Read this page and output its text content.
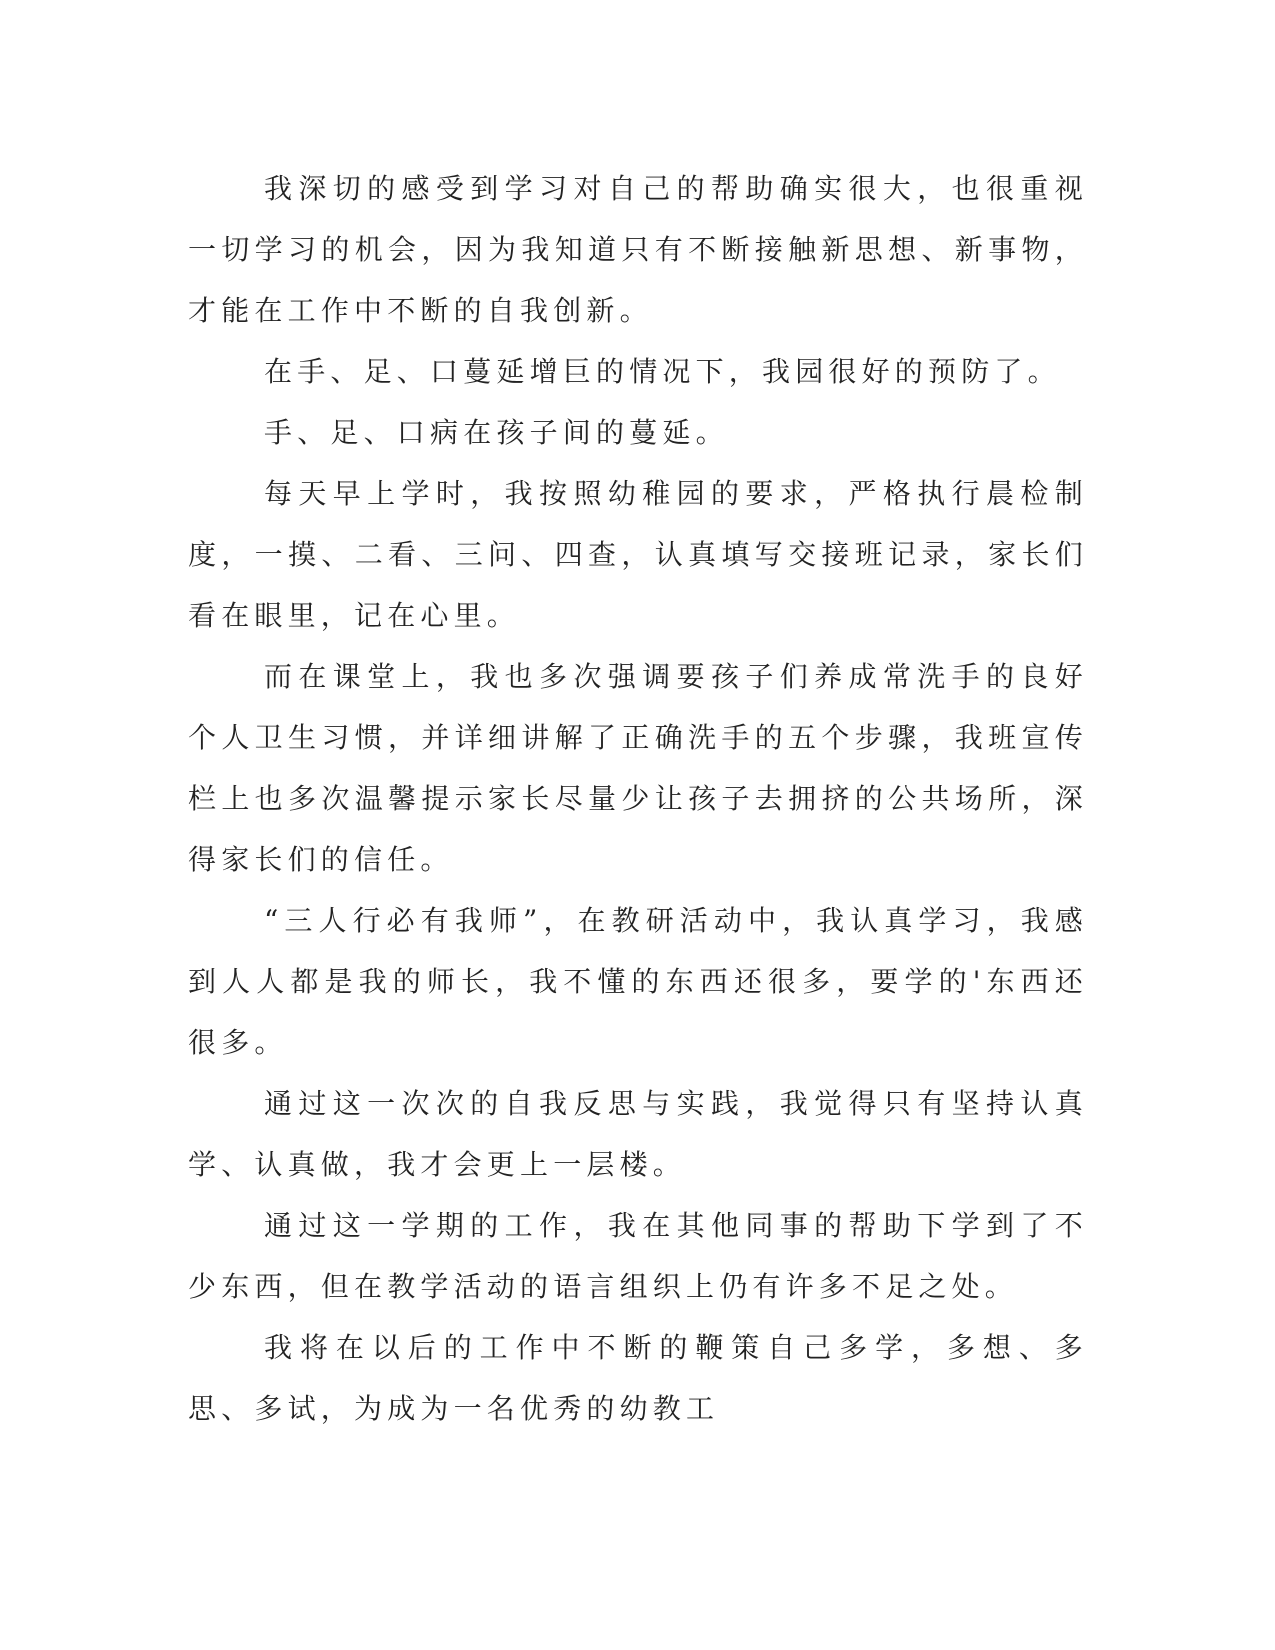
我深切的感受到学习对自己的帮助确实很大，也很重视一切学习的机会，因为我知道只有不断接触新思想、新事物，才能在工作中不断的自我创新。

在手、足、口蔓延增巨的情况下，我园很好的预防了。

手、足、口病在孩子间的蔓延。

每天早上学时，我按照幼稚园的要求，严格执行晨检制度，一摸、二看、三问、四查，认真填写交接班记录，家长们看在眼里，记在心里。

而在课堂上，我也多次强调要孩子们养成常洗手的良好个人卫生习惯，并详细讲解了正确洗手的五个步骤，我班宣传栏上也多次温馨提示家长尽量少让孩子去拥挤的公共场所，深得家长们的信任。

“三人行必有我师”，在教研活动中，我认真学习，我感到人人都是我的师长，我不懂的东西还很多，要学的'东西还很多。

通过这一次次的自我反思与实践，我觉得只有坚持认真学、认真做，我才会更上一层楼。

通过这一学期的工作，我在其他同事的帮助下学到了不少东西，但在教学活动的语言组织上仍有许多不足之处。

我将在以后的工作中不断的鞭策自己多学，多想、多思、多试，为成为一名优秀的幼教工
